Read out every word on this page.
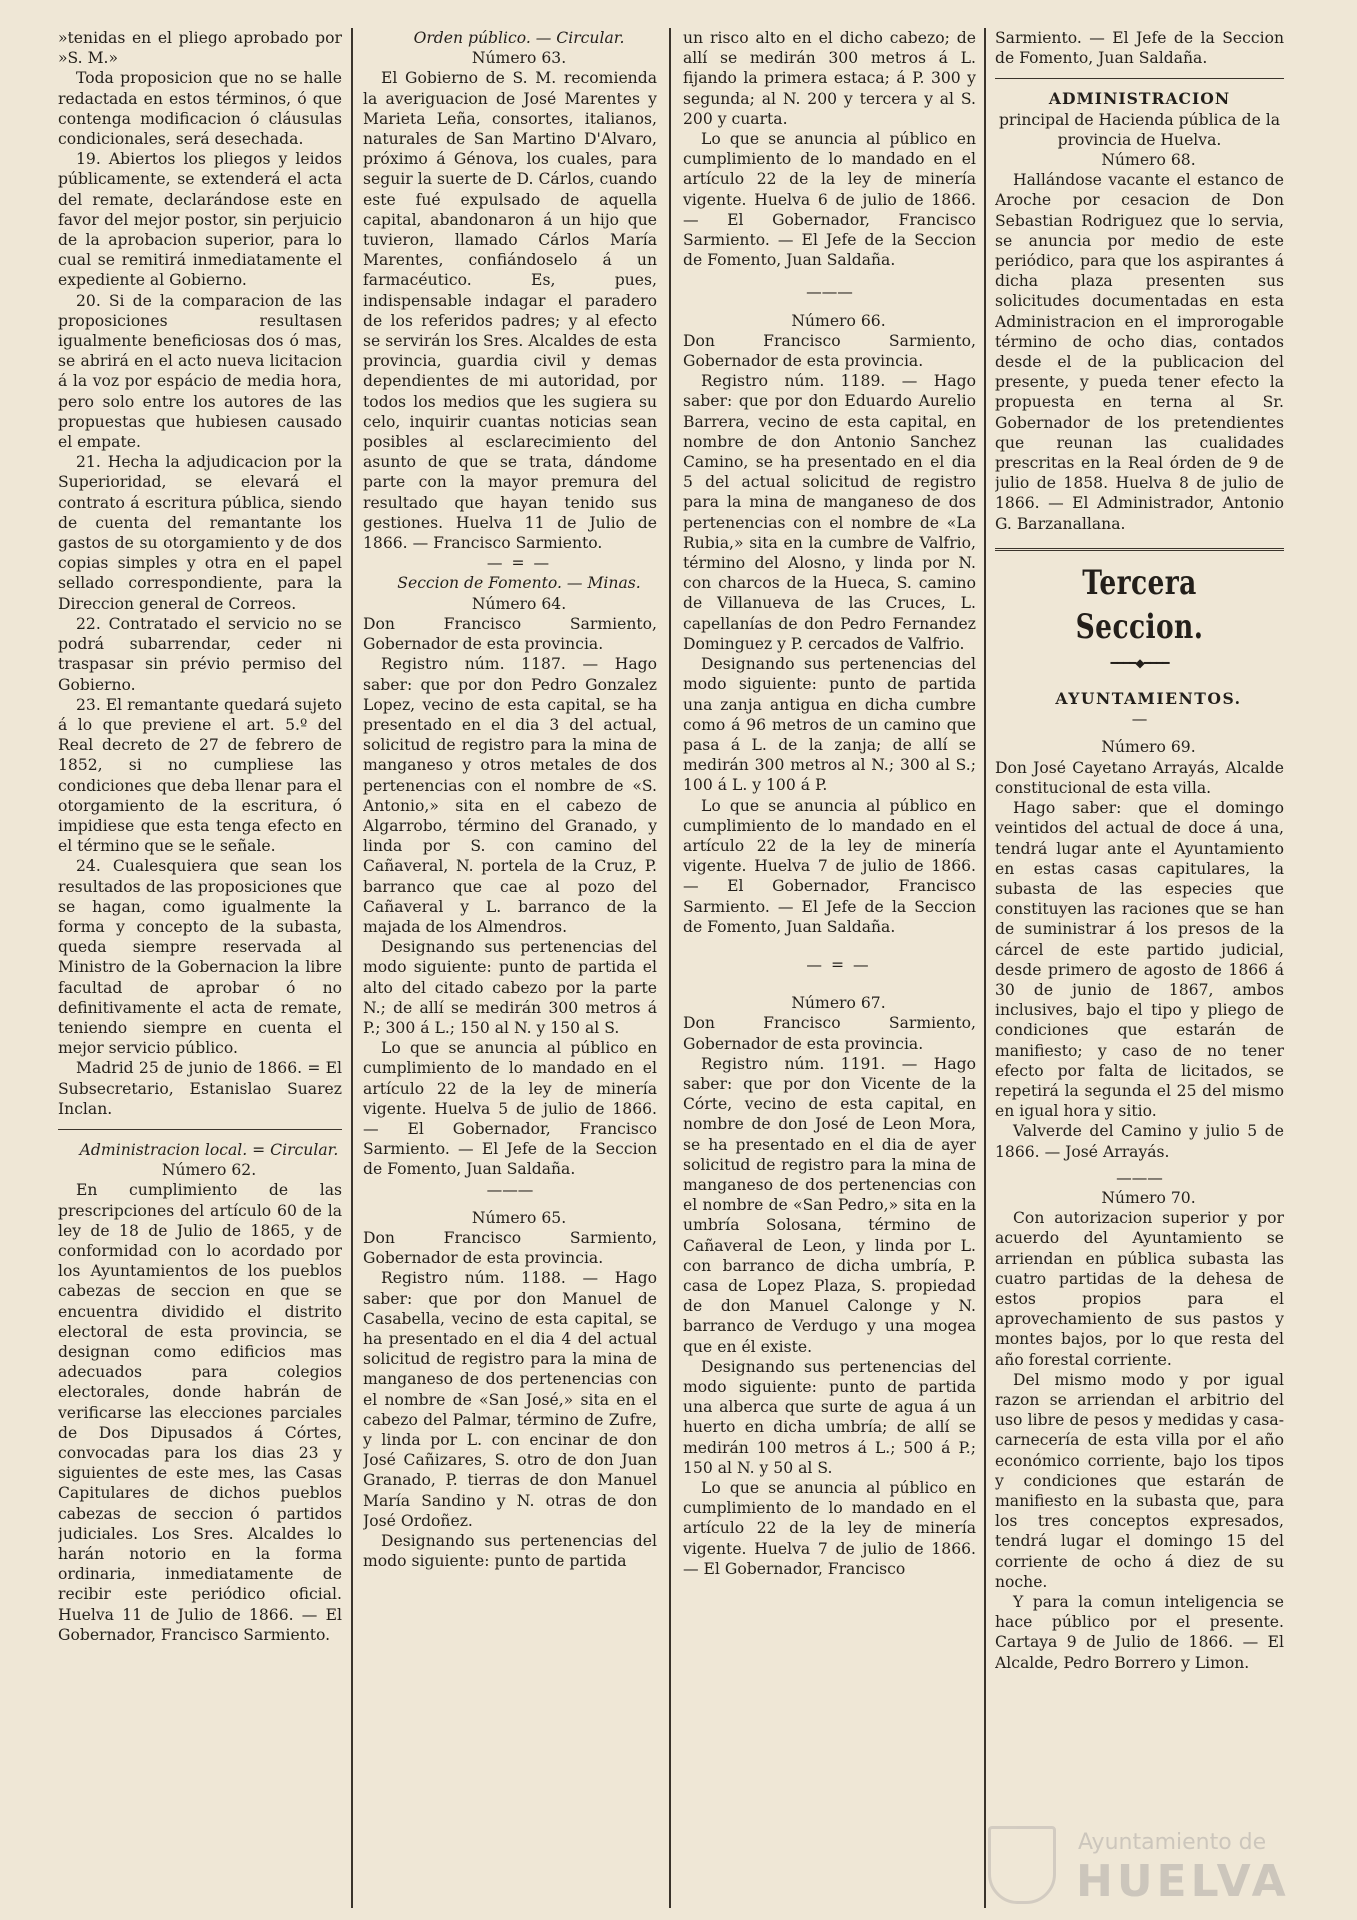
»tenidas en el pliego aprobado por »S. M.»

Toda proposicion que no se halle redactada en estos términos, ó que contenga modificacion ó cláusulas condicionales, será desechada.

19. Abiertos los pliegos y leidos públicamente, se extenderá el acta del remate, declarándose este en favor del mejor postor, sin perjuicio de la aprobacion superior, para lo cual se remitirá inmediatamente el expediente al Gobierno.

20. Si de la comparacion de las proposiciones resultasen igualmente beneficiosas dos ó mas, se abrirá en el acto nueva licitacion á la voz por espácio de media hora, pero solo entre los autores de las propuestas que hubiesen causado el empate.

21. Hecha la adjudicacion por la Superioridad, se elevará el contrato á escritura pública, siendo de cuenta del remantante los gastos de su otorgamiento y de dos copias simples y otra en el papel sellado correspondiente, para la Direccion general de Correos.

22. Contratado el servicio no se podrá subarrendar, ceder ni traspasar sin prévio permiso del Gobierno.

23. El remantante quedará sujeto á lo que previene el art. 5.º del Real decreto de 27 de febrero de 1852, si no cumpliese las condiciones que deba llenar para el otorgamiento de la escritura, ó impidiese que esta tenga efecto en el término que se le señale.

24. Cualesquiera que sean los resultados de las proposiciones que se hagan, como igualmente la forma y concepto de la subasta, queda siempre reservada al Ministro de la Gobernacion la libre facultad de aprobar ó no definitivamente el acta de remate, teniendo siempre en cuenta el mejor servicio público.

Madrid 25 de junio de 1866. = El Subsecretario, Estanislao Suarez Inclan.

Administracion local. = Circular.

Número 62.

En cumplimiento de las prescripciones del artículo 60 de la ley de 18 de Julio de 1865, y de conformidad con lo acordado por los Ayuntamientos de los pueblos cabezas de seccion en que se encuentra dividido el distrito electoral de esta provincia, se designan como edificios mas adecuados para colegios electorales, donde habrán de verificarse las elecciones parciales de Dos Dipusados á Córtes, convocadas para los dias 23 y siguientes de este mes, las Casas Capitulares de dichos pueblos cabezas de seccion ó partidos judiciales. Los Sres. Alcaldes lo harán notorio en la forma ordinaria, inmediatamente de recibir este periódico oficial. Huelva 11 de Julio de 1866. — El Gobernador, Francisco Sarmiento.

Orden público. — Circular.

Número 63.

El Gobierno de S. M. recomienda la averiguacion de José Marentes y Marieta Leña, consortes, italianos, naturales de San Martino D'Alvaro, próximo á Génova, los cuales, para seguir la suerte de D. Cárlos, cuando este fué expulsado de aquella capital, abandonaron á un hijo que tuvieron, llamado Cárlos María Marentes, confiándoselo á un farmacéutico. Es, pues, indispensable indagar el paradero de los referidos padres; y al efecto se servirán los Sres. Alcaldes de esta provincia, guardia civil y demas dependientes de mi autoridad, por todos los medios que les sugiera su celo, inquirir cuantas noticias sean posibles al esclarecimiento del asunto de que se trata, dándome parte con la mayor premura del resultado que hayan tenido sus gestiones. Huelva 11 de Julio de 1866. — Francisco Sarmiento.

— = —

Seccion de Fomento. — Minas.

Número 64.

Don Francisco Sarmiento, Gobernador de esta provincia.

Registro núm. 1187. — Hago saber: que por don Pedro Gonzalez Lopez, vecino de esta capital, se ha presentado en el dia 3 del actual, solicitud de registro para la mina de manganeso y otros metales de dos pertenencias con el nombre de «S. Antonio,» sita en el cabezo de Algarrobo, término del Granado, y linda por S. con camino del Cañaveral, N. portela de la Cruz, P. barranco que cae al pozo del Cañaveral y L. barranco de la majada de los Almendros.

Designando sus pertenencias del modo siguiente: punto de partida el alto del citado cabezo por la parte N.; de allí se medirán 300 metros á P.; 300 á L.; 150 al N. y 150 al S.

Lo que se anuncia al público en cumplimiento de lo mandado en el artículo 22 de la ley de minería vigente. Huelva 5 de julio de 1866. — El Gobernador, Francisco Sarmiento. — El Jefe de la Seccion de Fomento, Juan Saldaña.

———

Número 65.

Don Francisco Sarmiento, Gobernador de esta provincia.

Registro núm. 1188. — Hago saber: que por don Manuel de Casabella, vecino de esta capital, se ha presentado en el dia 4 del actual solicitud de registro para la mina de manganeso de dos pertenencias con el nombre de «San José,» sita en el cabezo del Palmar, término de Zufre, y linda por L. con encinar de don José Cañizares, S. otro de don Juan Granado, P. tierras de don Manuel María Sandino y N. otras de don José Ordoñez.

Designando sus pertenencias del modo siguiente: punto de partida

un risco alto en el dicho cabezo; de allí se medirán 300 metros á L. fijando la primera estaca; á P. 300 y segunda; al N. 200 y tercera y al S. 200 y cuarta.

Lo que se anuncia al público en cumplimiento de lo mandado en el artículo 22 de la ley de minería vigente. Huelva 6 de julio de 1866. — El Gobernador, Francisco Sarmiento. — El Jefe de la Seccion de Fomento, Juan Saldaña.

———

Número 66.

Don Francisco Sarmiento, Gobernador de esta provincia.

Registro núm. 1189. — Hago saber: que por don Eduardo Aurelio Barrera, vecino de esta capital, en nombre de don Antonio Sanchez Camino, se ha presentado en el dia 5 del actual solicitud de registro para la mina de manganeso de dos pertenencias con el nombre de «La Rubia,» sita en la cumbre de Valfrio, término del Alosno, y linda por N. con charcos de la Hueca, S. camino de Villanueva de las Cruces, L. capellanías de don Pedro Fernandez Dominguez y P. cercados de Valfrio.

Designando sus pertenencias del modo siguiente: punto de partida una zanja antigua en dicha cumbre como á 96 metros de un camino que pasa á L. de la zanja; de allí se medirán 300 metros al N.; 300 al S.; 100 á L. y 100 á P.

Lo que se anuncia al público en cumplimiento de lo mandado en el artículo 22 de la ley de minería vigente. Huelva 7 de julio de 1866. — El Gobernador, Francisco Sarmiento. — El Jefe de la Seccion de Fomento, Juan Saldaña.

— = —

Número 67.

Don Francisco Sarmiento, Gobernador de esta provincia.

Registro núm. 1191. — Hago saber: que por don Vicente de la Córte, vecino de esta capital, en nombre de don José de Leon Mora, se ha presentado en el dia de ayer solicitud de registro para la mina de manganeso de dos pertenencias con el nombre de «San Pedro,» sita en la umbría Solosana, término de Cañaveral de Leon, y linda por L. con barranco de dicha umbría, P. casa de Lopez Plaza, S. propiedad de don Manuel Calonge y N. barranco de Verdugo y una mogea que en él existe.

Designando sus pertenencias del modo siguiente: punto de partida una alberca que surte de agua á un huerto en dicha umbría; de allí se medirán 100 metros á L.; 500 á P.; 150 al N. y 50 al S.

Lo que se anuncia al público en cumplimiento de lo mandado en el artículo 22 de la ley de minería vigente. Huelva 7 de julio de 1866. — El Gobernador, Francisco

Sarmiento. — El Jefe de la Seccion de Fomento, Juan Saldaña.

ADMINISTRACION

principal de Hacienda pública de la provincia de Huelva.

Número 68.

Hallándose vacante el estanco de Aroche por cesacion de Don Sebastian Rodriguez que lo servia, se anuncia por medio de este periódico, para que los aspirantes á dicha plaza presenten sus solicitudes documentadas en esta Administracion en el improrogable término de ocho dias, contados desde el de la publicacion del presente, y pueda tener efecto la propuesta en terna al Sr. Gobernador de los pretendientes que reunan las cualidades prescritas en la Real órden de 9 de julio de 1858. Huelva 8 de julio de 1866. — El Administrador, Antonio G. Barzanallana.

Tercera Seccion.
━━━━◆━━━━

AYUNTAMIENTOS.

—

Número 69.

Don José Cayetano Arrayás, Alcalde constitucional de esta villa.

Hago saber: que el domingo veintidos del actual de doce á una, tendrá lugar ante el Ayuntamiento en estas casas capitulares, la subasta de las especies que constituyen las raciones que se han de suministrar á los presos de la cárcel de este partido judicial, desde primero de agosto de 1866 á 30 de junio de 1867, ambos inclusives, bajo el tipo y pliego de condiciones que estarán de manifiesto; y caso de no tener efecto por falta de licitados, se repetirá la segunda el 25 del mismo en igual hora y sitio.

Valverde del Camino y julio 5 de 1866. — José Arrayás.

———

Número 70.

Con autorizacion superior y por acuerdo del Ayuntamiento se arriendan en pública subasta las cuatro partidas de la dehesa de estos propios para el aprovechamiento de sus pastos y montes bajos, por lo que resta del año forestal corriente.

Del mismo modo y por igual razon se arriendan el arbitrio del uso libre de pesos y medidas y casa-carnecería de esta villa por el año económico corriente, bajo los tipos y condiciones que estarán de manifiesto en la subasta que, para los tres conceptos expresados, tendrá lugar el domingo 15 del corriente de ocho á diez de su noche.

Y para la comun inteligencia se hace público por el presente. Cartaya 9 de Julio de 1866. — El Alcalde, Pedro Borrero y Limon.

Ayuntamiento de
HUELVA
